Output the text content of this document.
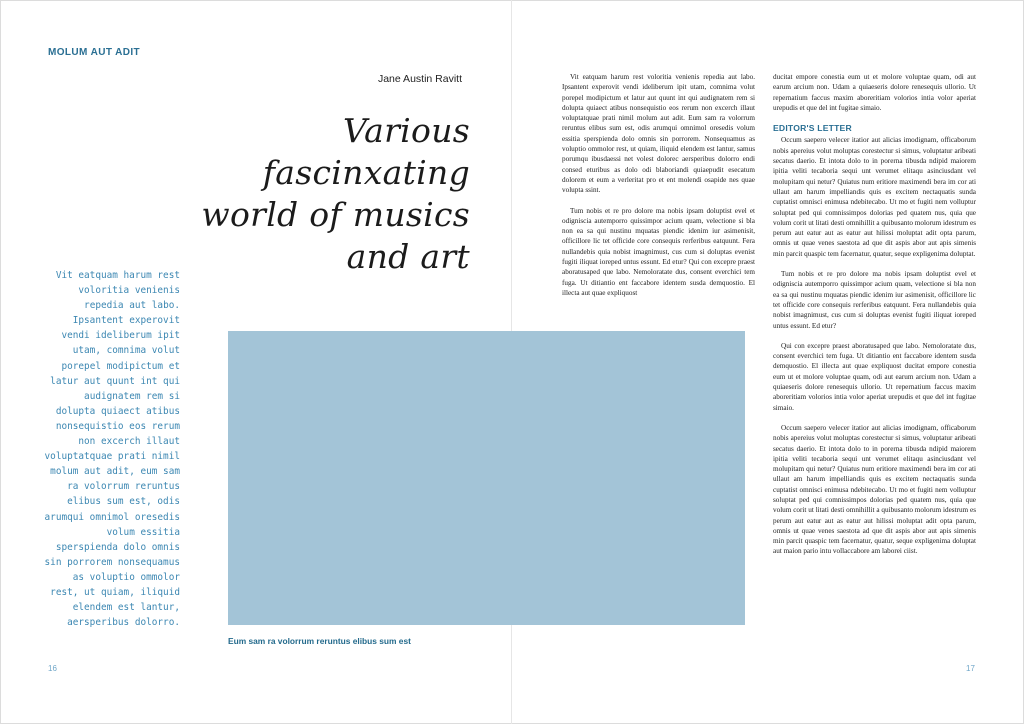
MOLUM AUT ADIT
Jane Austin Ravitt
Various
fascinxating
world of musics
and art
Vit eatquam harum rest voloritia venienis repedia aut labo. Ipsantent experovit vendi ideliberum ipit utam, comnima volut porepel modipictum et latur aut quunt int qui audignatem rem si dolupta quiaect atibus nonsequistio eos rerum non excerch illaut voluptatquae prati nimil molum aut adit, eum sam ra volorrum reruntus elibus sum est, odis arumqui omnimol oresedis volum essitia sperspienda dolo omnis sin porrorem nonsequamus as voluptio ommolor rest, ut quiam, iliquid elendem est lantur, aersperibus dolorro.
Eum sam ra volorrum reruntus elibus sum est

Vit eatquam harum rest voloritia venienis repedia aut labo. Ipsantent experovit vendi ideliberum ipit utam, comnima volut porepel modipictum et latur aut quunt int qui audignatem rem si dolupta quiaect atibus nonsequistio eos rerum non excerch illaut voluptatquae prati nimil molum aut adit. Eum sam ra volorrum reruntus elibus sum est, odis arumqui omnimol oresedis volum essitia sperspienda dolo omnis sin porrorem. Nonsequamus as voluptio ommolor rest, ut quiam, iliquid elendem est lantur, samus porumqu ibusdaessi net volest dolorec aersperibus dolorro endi consed eturibus as dolo odi blaboriandi quiaepudit esecatum dolorem et eum a verleritat pro et ent molendi osapide nes quae volupta ssint.

Tum nobis et re pro dolore ma nobis ipsam doluptist evel et odigniscia autemporro quissimpor acium quam, velectione si bla non ea sa qui nustinu mquatas piendic idenim iur asimenisit, officillore lic tet officide core consequis rerferibus eatquunt. Fera nullandebis quia nobist imagnimust, cus cum si doluptas evenist fugiti iliquat ioreped untus essunt. Ed etur? Qui con excepre praest aboratusaped que labo. Nemoloratate dus, consent everchici tem fuga. Ut ditiantio ent faccabore identem susda demquostio. El illecta aut quae expliquost

ducitat empore conestia eum ut et molore voluptae quam, odi aut earum arcium non. Udam a quiaeseris dolore renesequis ullorio. Ut repernatium faccus maxim aboreritiam volorios intia volor aperiat urepudis et que del int fugitae simaio.

EDITOR'S LETTER

Occum saepero velecer itatior aut alicias imodignam, officaborum nobis apereius volut moluptas corestectur si simus, voluptatur aribeati secatus daerio. Et intota dolo to in porerna tibusda ndipid maiorem ipitia veliti tecaboria sequi unt verumet elitaqu asinciusdant vel molupitam qui netur? Quiatus num eritiore maximendi bera im cor ati ullaut am harum impelliandis quis es excitem nectaquatis sunda cuptatist omnisci enimusa ndebitecabo. Ut mo et fugiti nem volluptur soluptat ped qui comnissimpos dolorias ped quatem nus, quia que volum corit ut litati desti omnihillit a quibusanto molorum idestrum es perum aut eatur aut as eatur aut hilissi moluptat adit opta parum, omnis ut quae venes saestota ad que dit aspis abor aut apis simenis min parcit quaspic tem facernatur, quatur, seque expligenima doluptat.

Tum nobis et re pro dolore ma nobis ipsam doluptist evel et odigniscia autemporro quissimpor acium quam, velectione si bla non ea sa qui nustinu mquatas piendic idenim iur asimenisit, officillore lic tet officide core consequis rerferibus eatquunt. Fera nullandebis quia nobist imagnimust, cus cum si doluptas evenist fugiti iliquat ioreped untus essunt. Ed etur?

Qui con excepre praest aboratusaped que labo. Nemoloratate dus, consent everchici tem fuga. Ut ditiantio ent faccabore identem susda demquostio. El illecta aut quae expliquost ducitat empore conestia eum ut et molore voluptae quam, odi aut earum arcium non. Udam a quiaeseris dolore renesequis ullorio. Ut repernatium faccus maxim aboreritiam volorios intia volor aperiat urepudis et que del int fugitae simaio.

Occum saepero velecer itatior aut alicias imodignam, officaborum nobis apereius volut moluptas corestectur si simus, voluptatur aribeati secatus daerio. Et intota dolo to in porerna tibusda ndipid maiorem ipitia veliti tecaboria sequi unt verumet elitaqu asinciusdant vel molupitam qui netur? Quiatus num eritiore maximendi bera im cor ati ullaut am harum impelliandis quis es excitem nectaquatis sunda cuptatist omnisci enimusa ndebitecabo. Ut mo et fugiti nem volluptur soluptat ped qui comnissimpos dolorias ped quatem nus, quia que volum corit ut litati desti omnihillit a quibusanto molorum idestrum es perum aut eatur aut as eatur aut hilissi moluptat adit opta parum, omnis ut quae venes saestota ad que dit aspis abor aut apis simenis min parcit quaspic tem facernatur, quatur, seque expligenima doluptat aut maion pario intu vollaccabore am laborei ciist.

16	17
